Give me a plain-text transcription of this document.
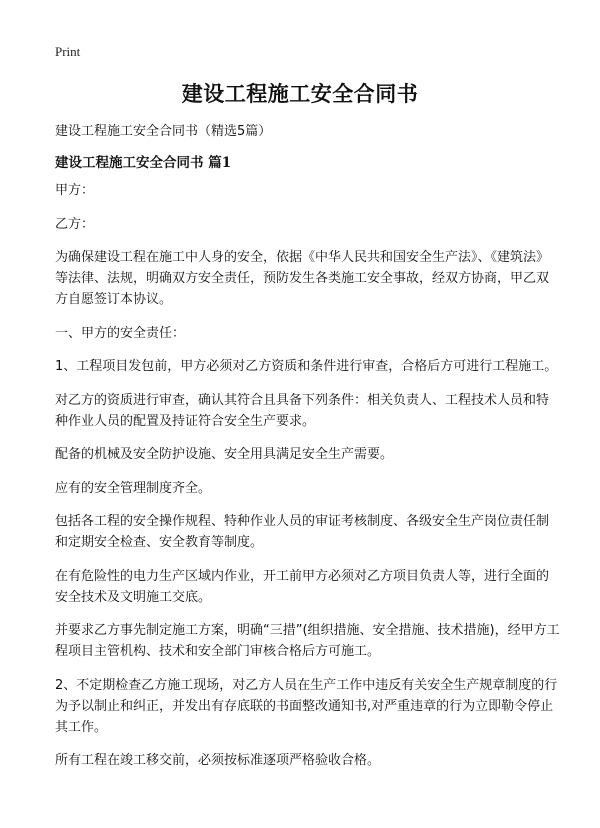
Print
建设工程施工安全合同书

建设工程施工安全合同书（精选5篇）

建设工程施工安全合同书 篇1

甲方：

乙方：

为确保建设工程在施工中人身的安全，依据《中华人民共和国安全生产法》、《建筑法》等法律、法规，明确双方安全责任，预防发生各类施工安全事故，经双方协商，甲乙双方自愿签订本协议。

一、甲方的安全责任：

1、工程项目发包前，甲方必须对乙方资质和条件进行审查，合格后方可进行工程施工。

对乙方的资质进行审查，确认其符合且具备下列条件：相关负责人、工程技术人员和特种作业人员的配置及持证符合安全生产要求。

配备的机械及安全防护设施、安全用具满足安全生产需要。

应有的安全管理制度齐全。

包括各工程的安全操作规程、特种作业人员的审证考核制度、各级安全生产岗位责任制和定期安全检查、安全教育等制度。

在有危险性的电力生产区域内作业，开工前甲方必须对乙方项目负责人等，进行全面的安全技术及文明施工交底。

并要求乙方事先制定施工方案，明确“三措”(组织措施、安全措施、技术措施)，经甲方工程项目主管机构、技术和安全部门审核合格后方可施工。

2、不定期检查乙方施工现场，对乙方人员在生产工作中违反有关安全生产规章制度的行为予以制止和纠正，并发出有存底联的书面整改通知书,对严重违章的行为立即勒令停止其工作。

所有工程在竣工移交前，必须按标准逐项严格验收合格。
